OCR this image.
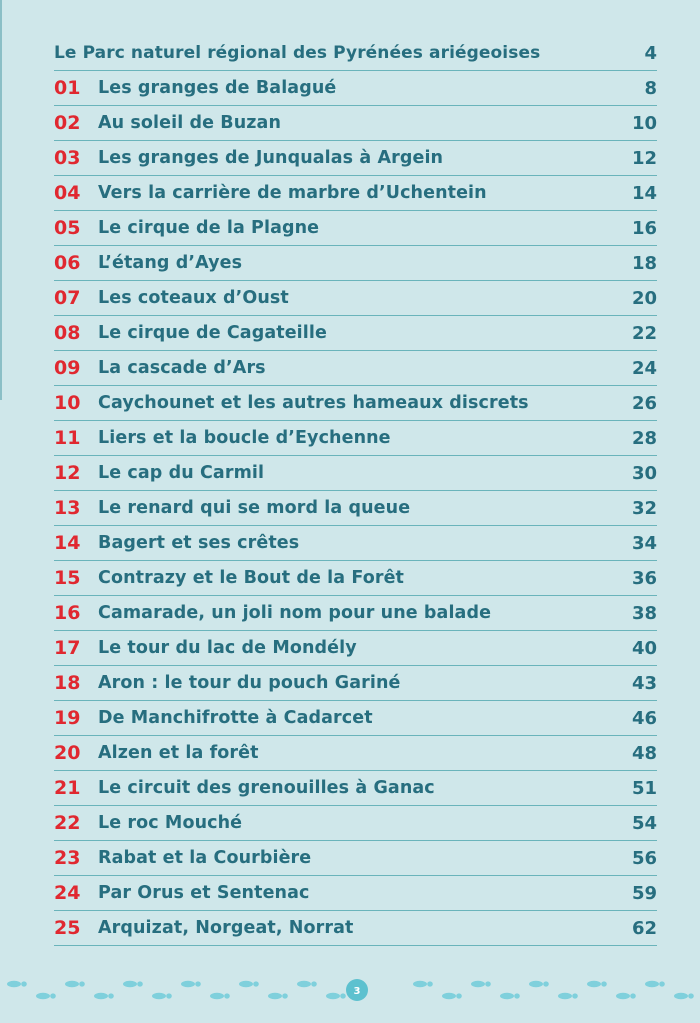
Le Parc naturel régional des Pyrénées ariégeoises	4
01	Les granges de Balagué	8
02	Au soleil de Buzan	10
03	Les granges de Junqualas à Argein	12
04	Vers la carrière de marbre d’Uchentein	14
05	Le cirque de la Plagne	16
06	L’étang d’Ayes	18
07	Les coteaux d’Oust	20
08	Le cirque de Cagateille	22
09	La cascade d’Ars	24
10	Caychounet et les autres hameaux discrets	26
11	Liers et la boucle d’Eychenne	28
12	Le cap du Carmil	30
13	Le renard qui se mord la queue	32
14	Bagert et ses crêtes	34
15	Contrazy et le Bout de la Forêt	36
16	Camarade, un joli nom pour une balade	38
17	Le tour du lac de Mondély	40
18	Aron : le tour du pouch Gariné	43
19	De Manchifrotte à Cadarcet	46
20	Alzen et la forêt	48
21	Le circuit des grenouilles à Ganac	51
22	Le roc Mouché	54
23	Rabat et la Courbière	56
24	Par Orus et Sentenac	59
25	Arquizat, Norgeat, Norrat	62
3
